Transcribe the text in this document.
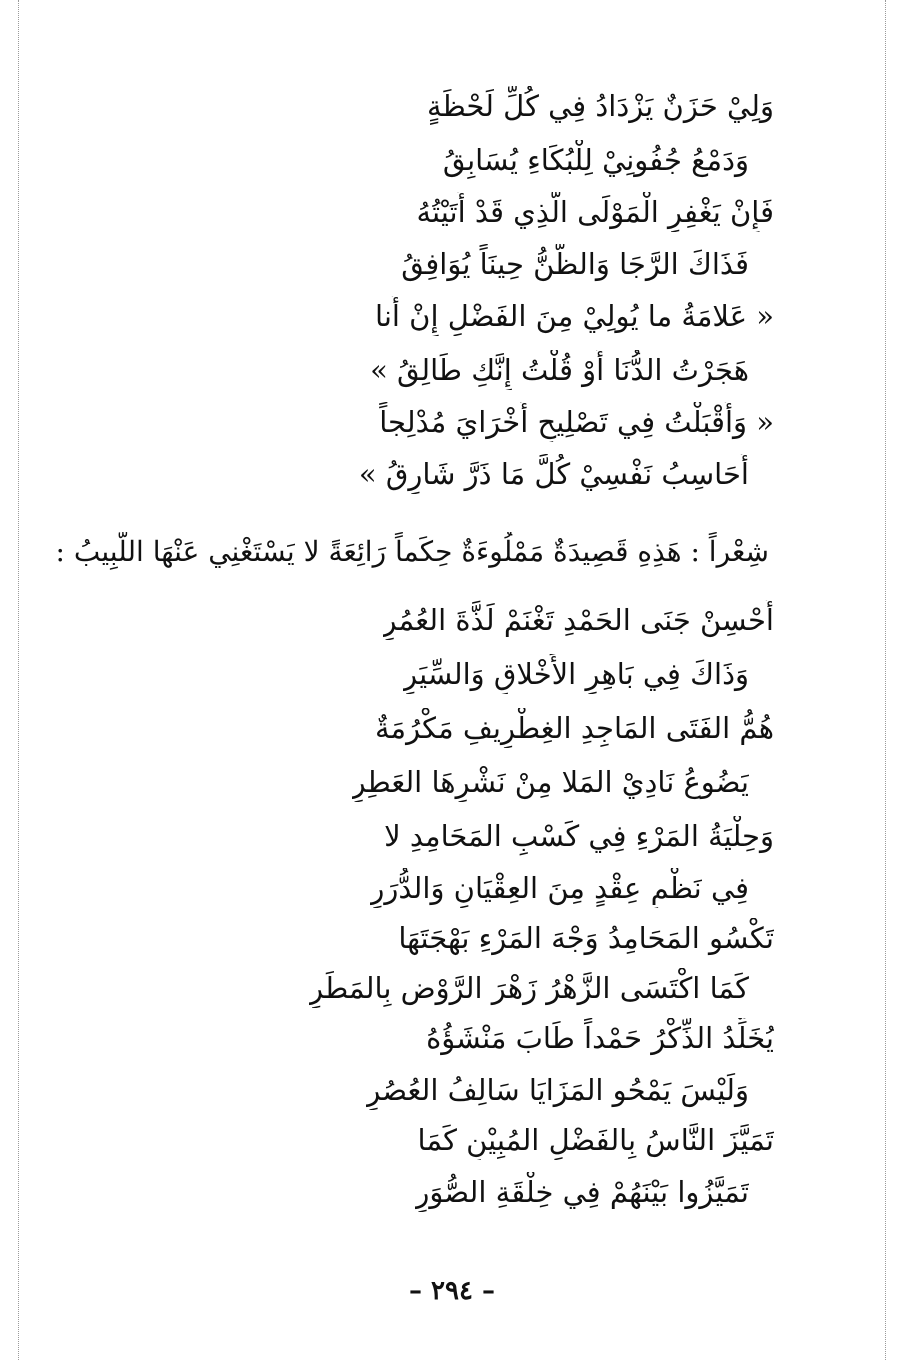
وَلِيْ حَزَنٌ يَزْدَادُ فِي كُلِّ لَحْظَةٍ
وَدَمْعُ جُفُونِيْ لِلْبُكَاءِ يُسَابِقُ
فَإِنْ يَغْفِرِ الْمَوْلَى الَّذِي قَدْ أَتَيْتُهُ
فَذَاكَ الرَّجَا وَالظَّنُّ حِينَاً يُوَافِقُ
« عَلامَةُ ما يُولِيْ مِنَ الفَضْلِ إِنْ أَنا
هَجَرْتُ الدُّنَا أَوْ قُلْتُ إِنَّكِ طَالِقُ »
« وَأَقْبَلْتُ فِي تَصْلِيحِ أُخْرَايَ مُدْلِجاً
أُحَاسِبُ نَفْسِيْ كُلَّ مَا ذَرَّ شَارِقُ »
شِعْراً : هَذِهِ قَصِيدَةٌ مَمْلُوءَةٌ حِكَماً رَائِعَةً لا يَسْتَغْنِي عَنْهَا اللَّبِيبُ :
أَحْسِنْ جَنَى الحَمْدِ تَغْنَمْ لَذَّةَ العُمُرِ
وَذَاكَ فِي بَاهِرِ الأَخْلاقِ وَالسِّيَرِ
هُمُّ الفَتَى المَاجِدِ الغِطْرِيفِ مَكْرُمَةٌ
يَضُوعُ نَادِيْ المَلا مِنْ نَشْرِهَا العَطِرِ
وَحِلْيَةُ المَرْءِ فِي كَسْبِ المَحَامِدِ لا
فِي نَظْمِ عِقْدٍ مِنَ العِقْيَانِ وَالدُّرَرِ
تَكْسُو المَحَامِدُ وَجْهَ المَرْءِ بَهْجَتَهَا
كَمَا اكْتَسَى الزَّهْرُ زَهْرَ الرَّوْضِ بِالمَطَرِ
يُخَلِّدُ الذِّكْرُ حَمْداً طَابَ مَنْشَؤُهُ
وَلَيْسَ يَمْحُو المَزَايَا سَالِفُ العُصُرِ
تَمَيَّزَ النَّاسُ بِالفَضْلِ المُبِيْنِ كَمَا
تَمَيَّزُوا بَيْنَهُمْ فِي خِلْقَةِ الصُّوَرِ
– ٢٩٤ –
